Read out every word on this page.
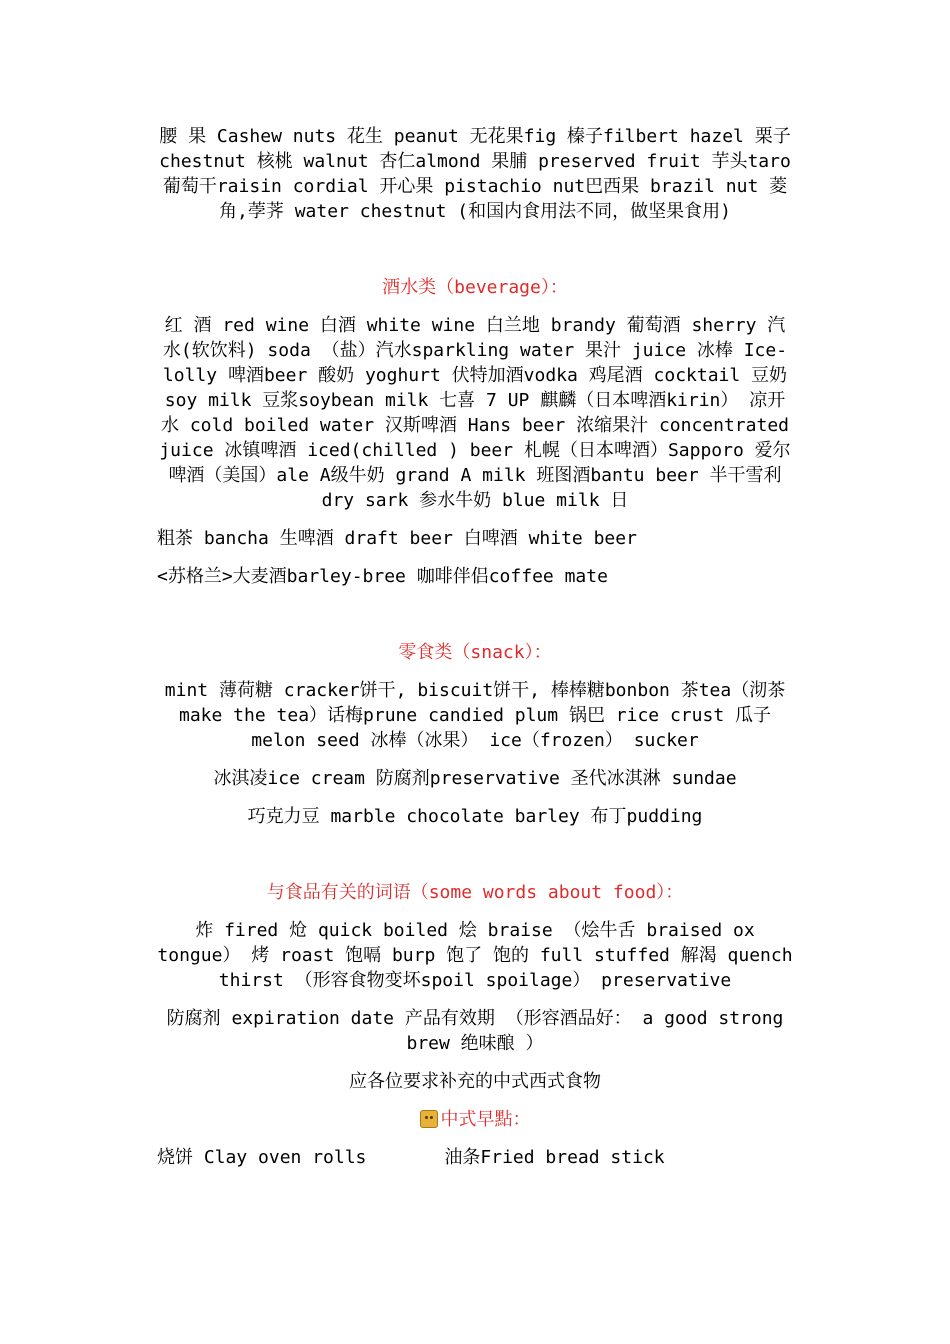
腰 果 Cashew nuts 花生 peanut 无花果fig 榛子filbert hazel 栗子chestnut 核桃 walnut 杏仁almond 果脯 preserved fruit 芋头taro 葡萄干raisin cordial 开心果 pistachio nut巴西果 brazil nut 菱角,荸荠 water chestnut (和国内食用法不同，做坚果食用)

酒水类（beverage）：

红 酒 red wine 白酒 white wine 白兰地 brandy 葡萄酒 sherry 汽水(软饮料) soda （盐）汽水sparkling water 果汁 juice 冰棒 Ice-lolly 啤酒beer 酸奶 yoghurt 伏特加酒vodka 鸡尾酒 cocktail 豆奶 soy milk 豆浆soybean milk 七喜 7 UP 麒麟（日本啤酒kirin） 凉开水 cold boiled water 汉斯啤酒 Hans beer 浓缩果汁 concentrated juice 冰镇啤酒 iced(chilled ) beer 札幌（日本啤酒）Sapporo 爱尔啤酒（美国）ale A级牛奶 grand A milk 班图酒bantu beer 半干雪利 dry sark 参水牛奶 blue milk 日

粗茶 bancha 生啤酒 draft beer 白啤酒 white beer

<苏格兰>大麦酒barley-bree 咖啡伴侣coffee mate

零食类（snack）：

mint 薄荷糖 cracker饼干, biscuit饼干, 棒棒糖bonbon 茶tea（沏茶 make the tea）话梅prune candied plum 锅巴 rice crust 瓜子 melon seed 冰棒（冰果） ice（frozen） sucker

冰淇凌ice cream 防腐剂preservative 圣代冰淇淋 sundae

巧克力豆 marble chocolate barley 布丁pudding

与食品有关的词语（some words about food）：

炸 fired 炝 quick boiled 烩 braise （烩牛舌 braised ox tongue） 烤 roast 饱嗝 burp 饱了 饱的 full stuffed 解渴 quench thirst （形容食物变坏spoil spoilage） preservative

防腐剂 expiration date 产品有效期 （形容酒品好： a good strong brew 绝味酿 ）

应各位要求补充的中式西式食物

中式早點：

烧饼 Clay oven rolls	油条Fried bread stick
